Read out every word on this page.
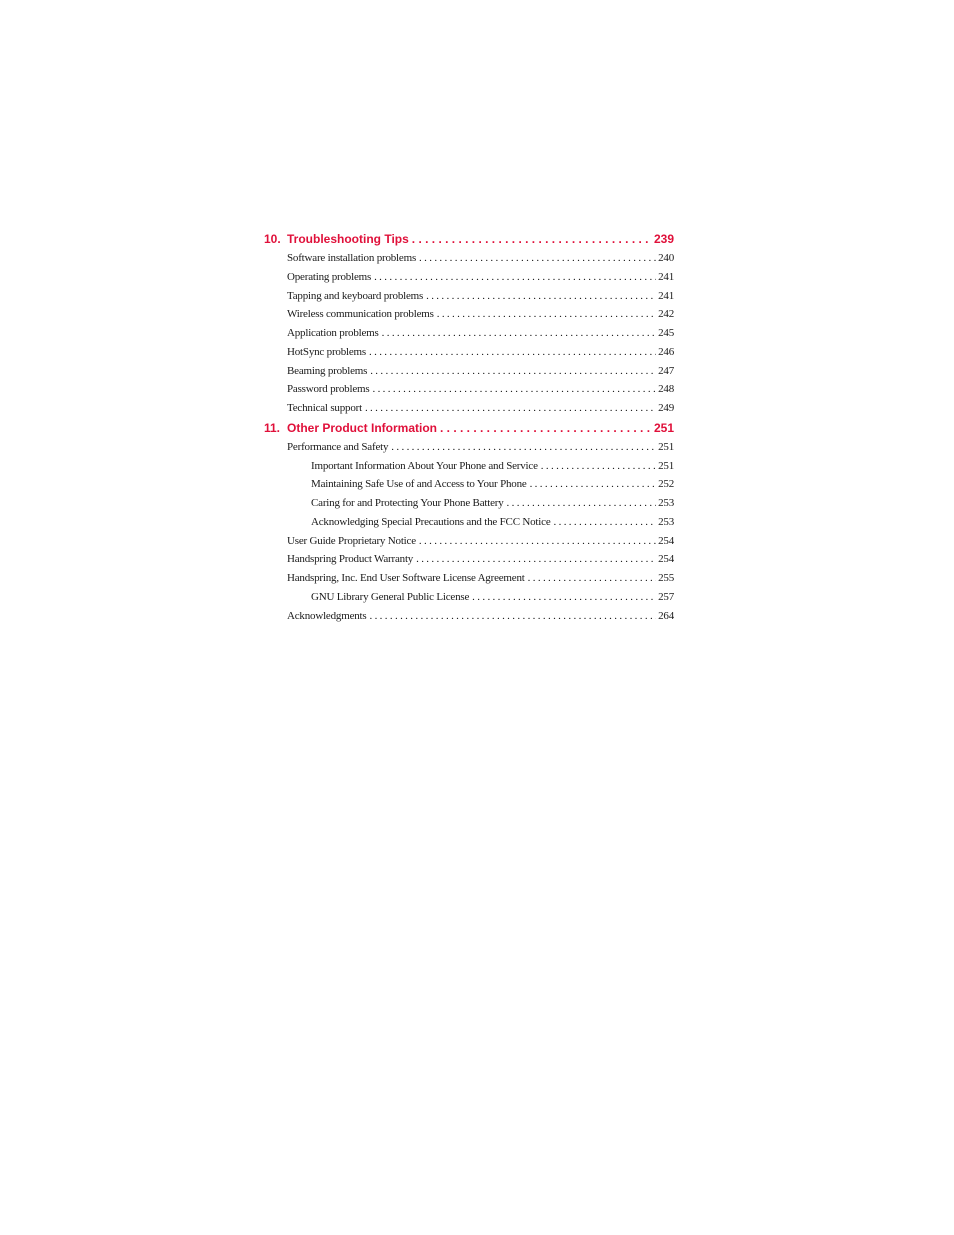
10. Troubleshooting Tips . . .	239
Software installation problems . . .	240
Operating problems . . .	241
Tapping and keyboard problems . . .	241
Wireless communication problems . . .	242
Application problems . . .	245
HotSync problems . . .	246
Beaming problems . . .	247
Password problems . . .	248
Technical support . . .	249
11. Other Product Information . . .	251
Performance and Safety . . .	251
Important Information About Your Phone and Service . . .	251
Maintaining Safe Use of and Access to Your Phone . . .	252
Caring for and Protecting Your Phone Battery . . .	253
Acknowledging Special Precautions and the FCC Notice . . .	253
User Guide Proprietary Notice . . .	254
Handspring Product Warranty . . .	254
Handspring, Inc. End User Software License Agreement . . .	255
GNU Library General Public License . . .	257
Acknowledgments . . .	264
